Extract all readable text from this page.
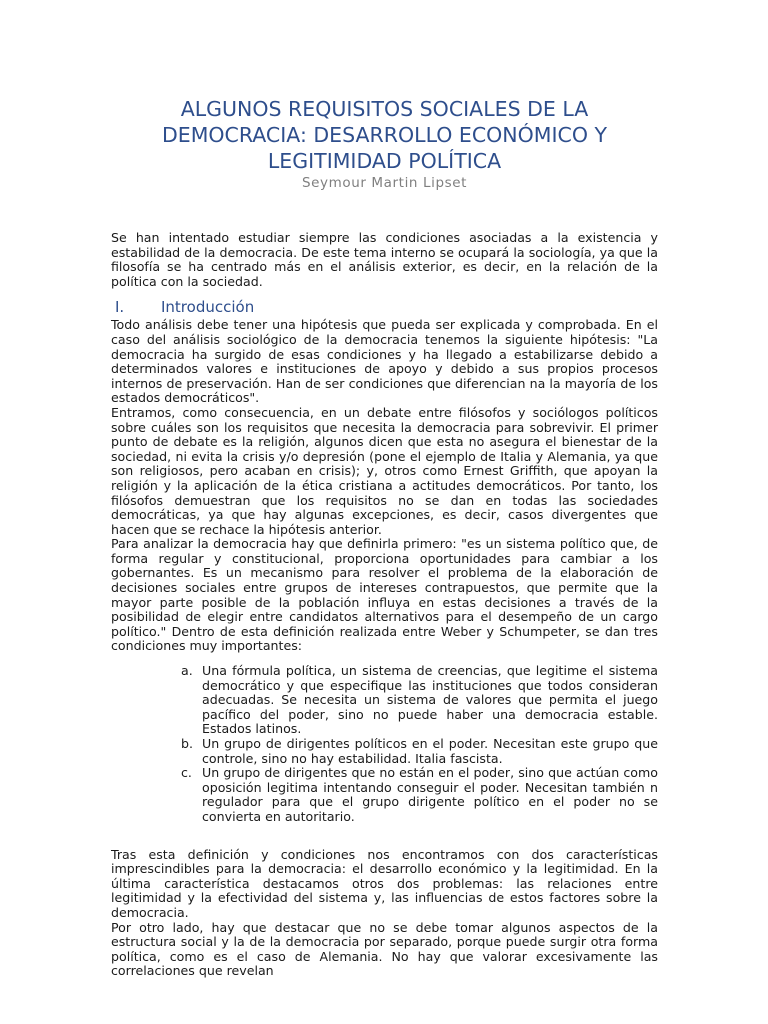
ALGUNOS REQUISITOS SOCIALES DE LA
DEMOCRACIA: DESARROLLO ECONÓMICO Y
LEGITIMIDAD POLÍTICA
Seymour Martin Lipset

Se han intentado estudiar siempre las condiciones asociadas a la existencia y estabilidad de la democracia. De este tema interno se ocupará la sociología, ya que la filosofía se ha centrado más en el análisis exterior, es decir, en la relación de la política con la sociedad.

I.	Introducción

Todo análisis debe tener una hipótesis que pueda ser explicada y comprobada. En el caso del análisis sociológico de la democracia tenemos la siguiente hipótesis: "La democracia ha surgido de esas condiciones y ha llegado a estabilizarse debido a determinados valores e instituciones de apoyo y debido a sus propios procesos internos de preservación. Han de ser condiciones que diferencian na la mayoría de los estados democráticos".

Entramos, como consecuencia, en un debate entre filósofos y sociólogos políticos sobre cuáles son los requisitos que necesita la democracia para sobrevivir. El primer punto de debate es la religión, algunos dicen que esta no asegura el bienestar de la sociedad, ni evita la crisis y/o depresión (pone el ejemplo de Italia y Alemania, ya que son religiosos, pero acaban en crisis); y, otros como Ernest Griffith, que apoyan la religión y la aplicación de la ética cristiana a actitudes democráticos. Por tanto, los filósofos demuestran que los requisitos no se dan en todas las sociedades democráticas, ya que hay algunas excepciones, es decir, casos divergentes que hacen que se rechace la hipótesis anterior.

Para analizar la democracia hay que definirla primero: "es un sistema político que, de forma regular y constitucional, proporciona oportunidades para cambiar a los gobernantes. Es un mecanismo para resolver el problema de la elaboración de decisiones sociales entre grupos de intereses contrapuestos, que permite que la mayor parte posible de la población influya en estas decisiones a través de la posibilidad de elegir entre candidatos alternativos para el desempeño de un cargo político." Dentro de esta definición realizada entre Weber y Schumpeter, se dan tres condiciones muy importantes:

a. Una fórmula política, un sistema de creencias, que legitime el sistema democrático y que especifique las instituciones que todos consideran adecuadas. Se necesita un sistema de valores que permita el juego pacífico del poder, sino no puede haber una democracia estable. Estados latinos.
b. Un grupo de dirigentes políticos en el poder. Necesitan este grupo que controle, sino no hay estabilidad. Italia fascista.
c. Un grupo de dirigentes que no están en el poder, sino que actúan como oposición legitima intentando conseguir el poder. Necesitan también n regulador para que el grupo dirigente político en el poder no se convierta en autoritario.

Tras esta definición y condiciones nos encontramos con dos características imprescindibles para la democracia: el desarrollo económico y la legitimidad. En la última característica destacamos otros dos problemas: las relaciones entre legitimidad y la efectividad del sistema y, las influencias de estos factores sobre la democracia.

Por otro lado, hay que destacar que no se debe tomar algunos aspectos de la estructura social y la de la democracia por separado, porque puede surgir otra forma política, como es el caso de Alemania. No hay que valorar excesivamente las correlaciones que revelan
